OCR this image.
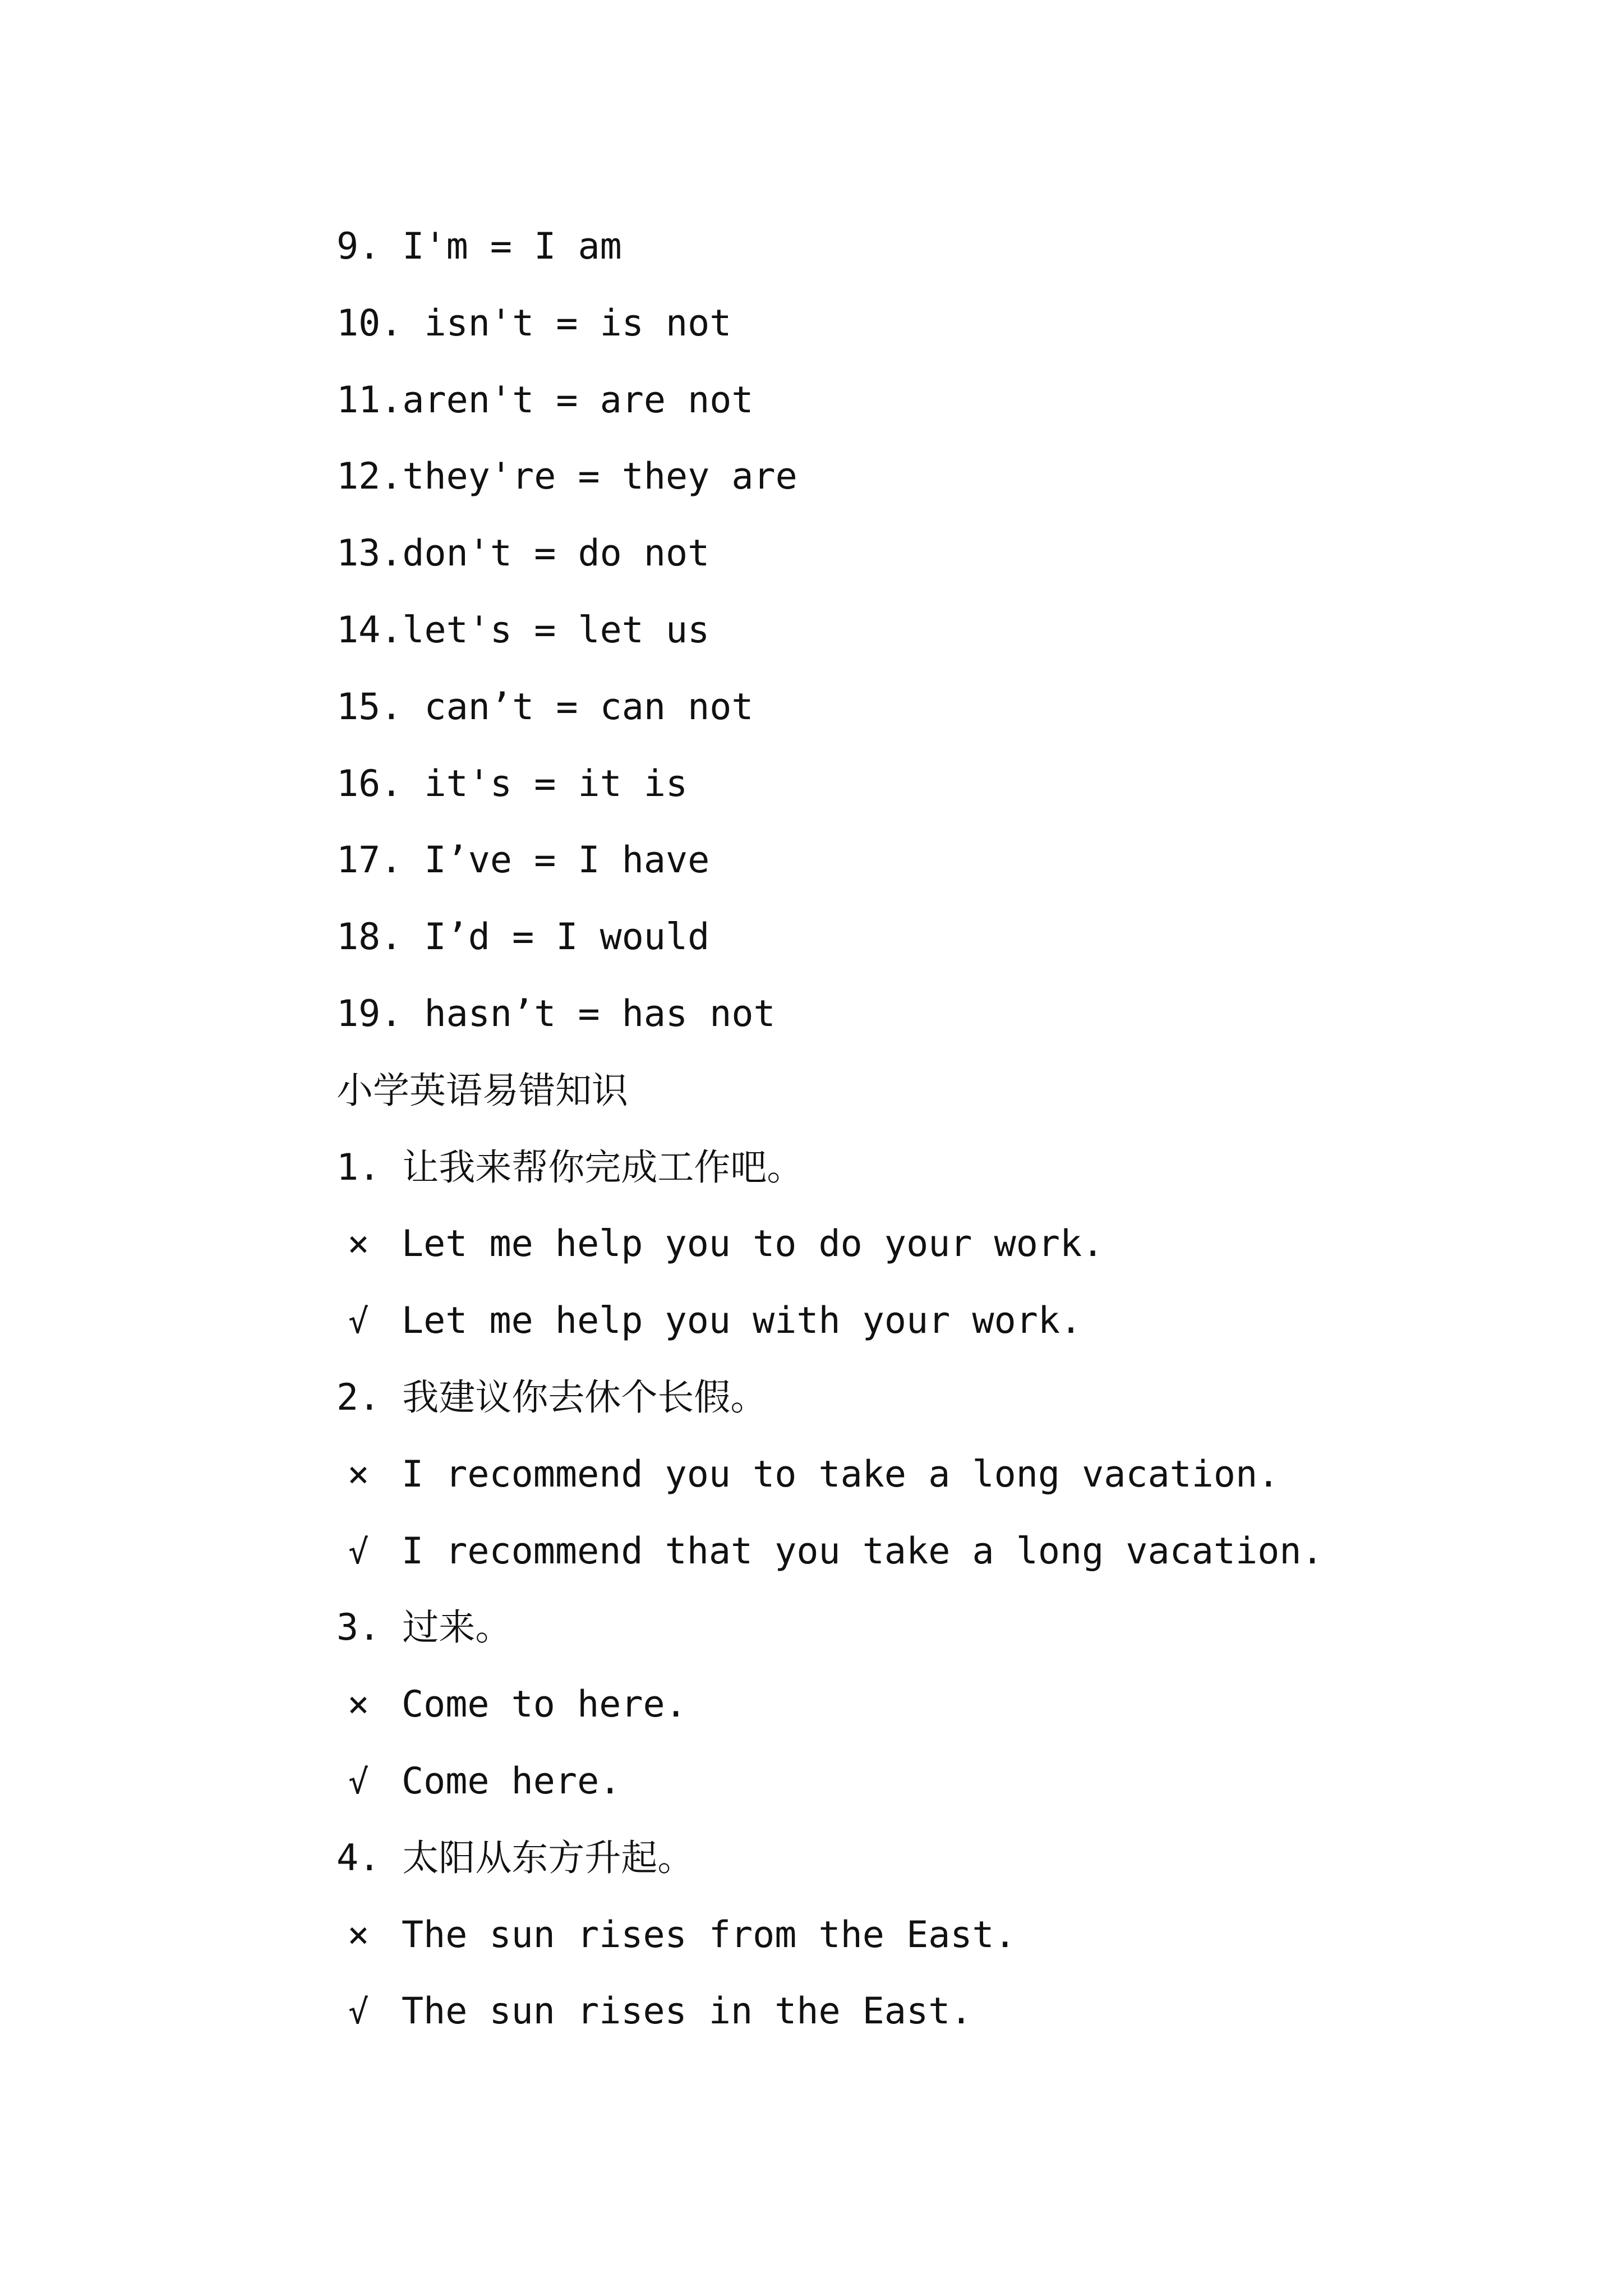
9. I'm = I am
10. isn't = is not
11.aren't = are not
12.they're = they are
13.don't = do not
14.let's = let us
15. can’t = can not
16. it's = it is
17. I’ve = I have
18. I’d = I would
19. hasn’t = has not
小学英语易错知识
1. 让我来帮你完成工作吧。
× Let me help you to do your work.
√ Let me help you with your work.
2. 我建议你去休个长假。
× I recommend you to take a long vacation.
√ I recommend that you take a long vacation.
3. 过来。
× Come to here.
√ Come here.
4. 太阳从东方升起。
× The sun rises from the East.
√ The sun rises in the East.
